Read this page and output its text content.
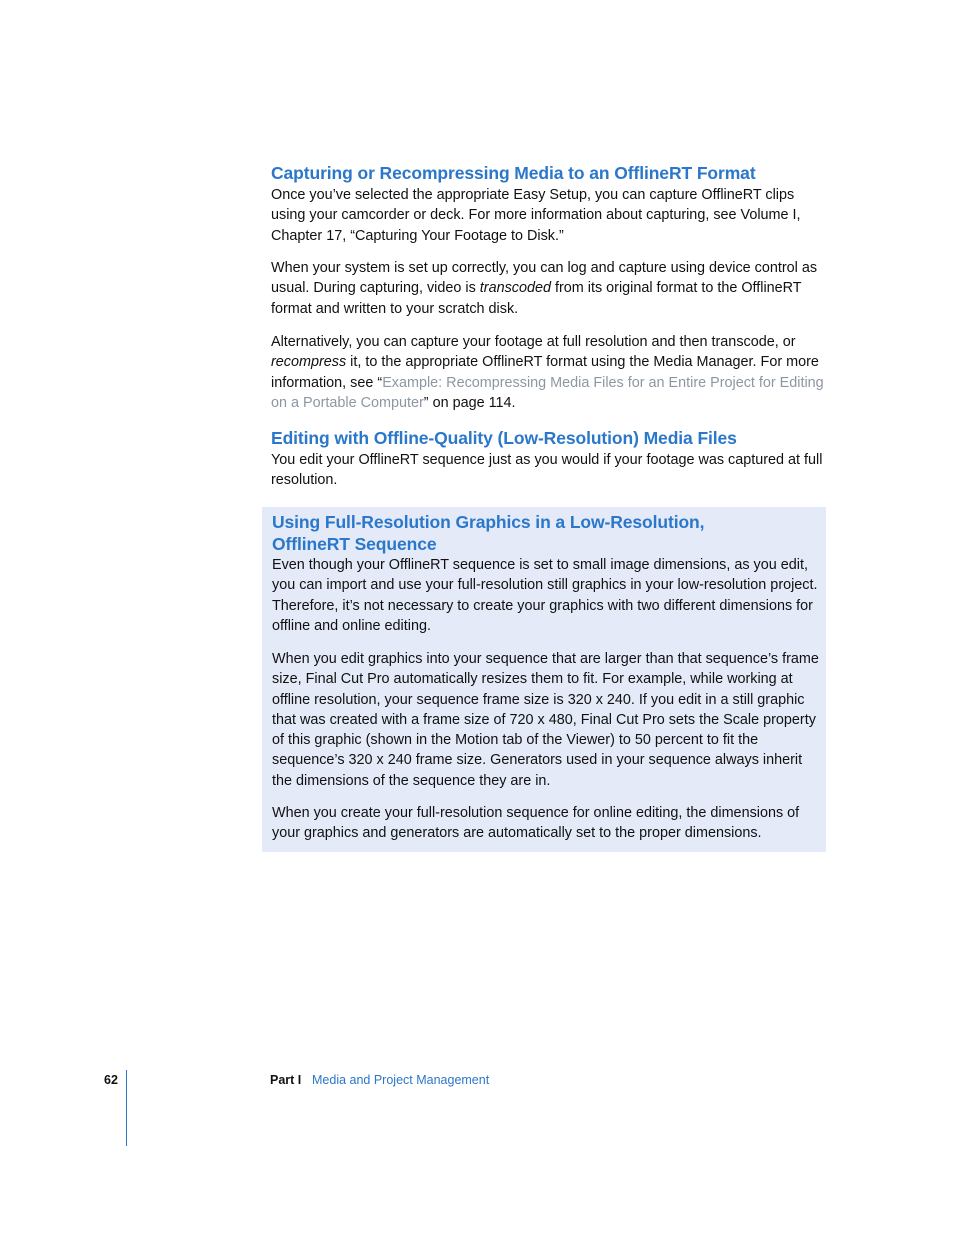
Capturing or Recompressing Media to an OfflineRT Format

Once you’ve selected the appropriate Easy Setup, you can capture OfflineRT clips using your camcorder or deck. For more information about capturing, see Volume I, Chapter 17, “Capturing Your Footage to Disk.”

When your system is set up correctly, you can log and capture using device control as usual. During capturing, video is transcoded from its original format to the OfflineRT format and written to your scratch disk.

Alternatively, you can capture your footage at full resolution and then transcode, or recompress it, to the appropriate OfflineRT format using the Media Manager. For more information, see “Example: Recompressing Media Files for an Entire Project for Editing on a Portable Computer” on page 114.

Editing with Offline-Quality (Low-Resolution) Media Files

You edit your OfflineRT sequence just as you would if your footage was captured at full resolution.

Using Full-Resolution Graphics in a Low-Resolution,
OfflineRT Sequence

Even though your OfflineRT sequence is set to small image dimensions, as you edit, you can import and use your full-resolution still graphics in your low-resolution project. Therefore, it’s not necessary to create your graphics with two different dimensions for offline and online editing.

When you edit graphics into your sequence that are larger than that sequence’s frame size, Final Cut Pro automatically resizes them to fit. For example, while working at offline resolution, your sequence frame size is 320 x 240. If you edit in a still graphic that was created with a frame size of 720 x 480, Final Cut Pro sets the Scale property of this graphic (shown in the Motion tab of the Viewer) to 50 percent to fit the sequence’s 320 x 240 frame size. Generators used in your sequence always inherit the dimensions of the sequence they are in.

When you create your full-resolution sequence for online editing, the dimensions of your graphics and generators are automatically set to the proper dimensions.

62	Part I Media and Project Management
